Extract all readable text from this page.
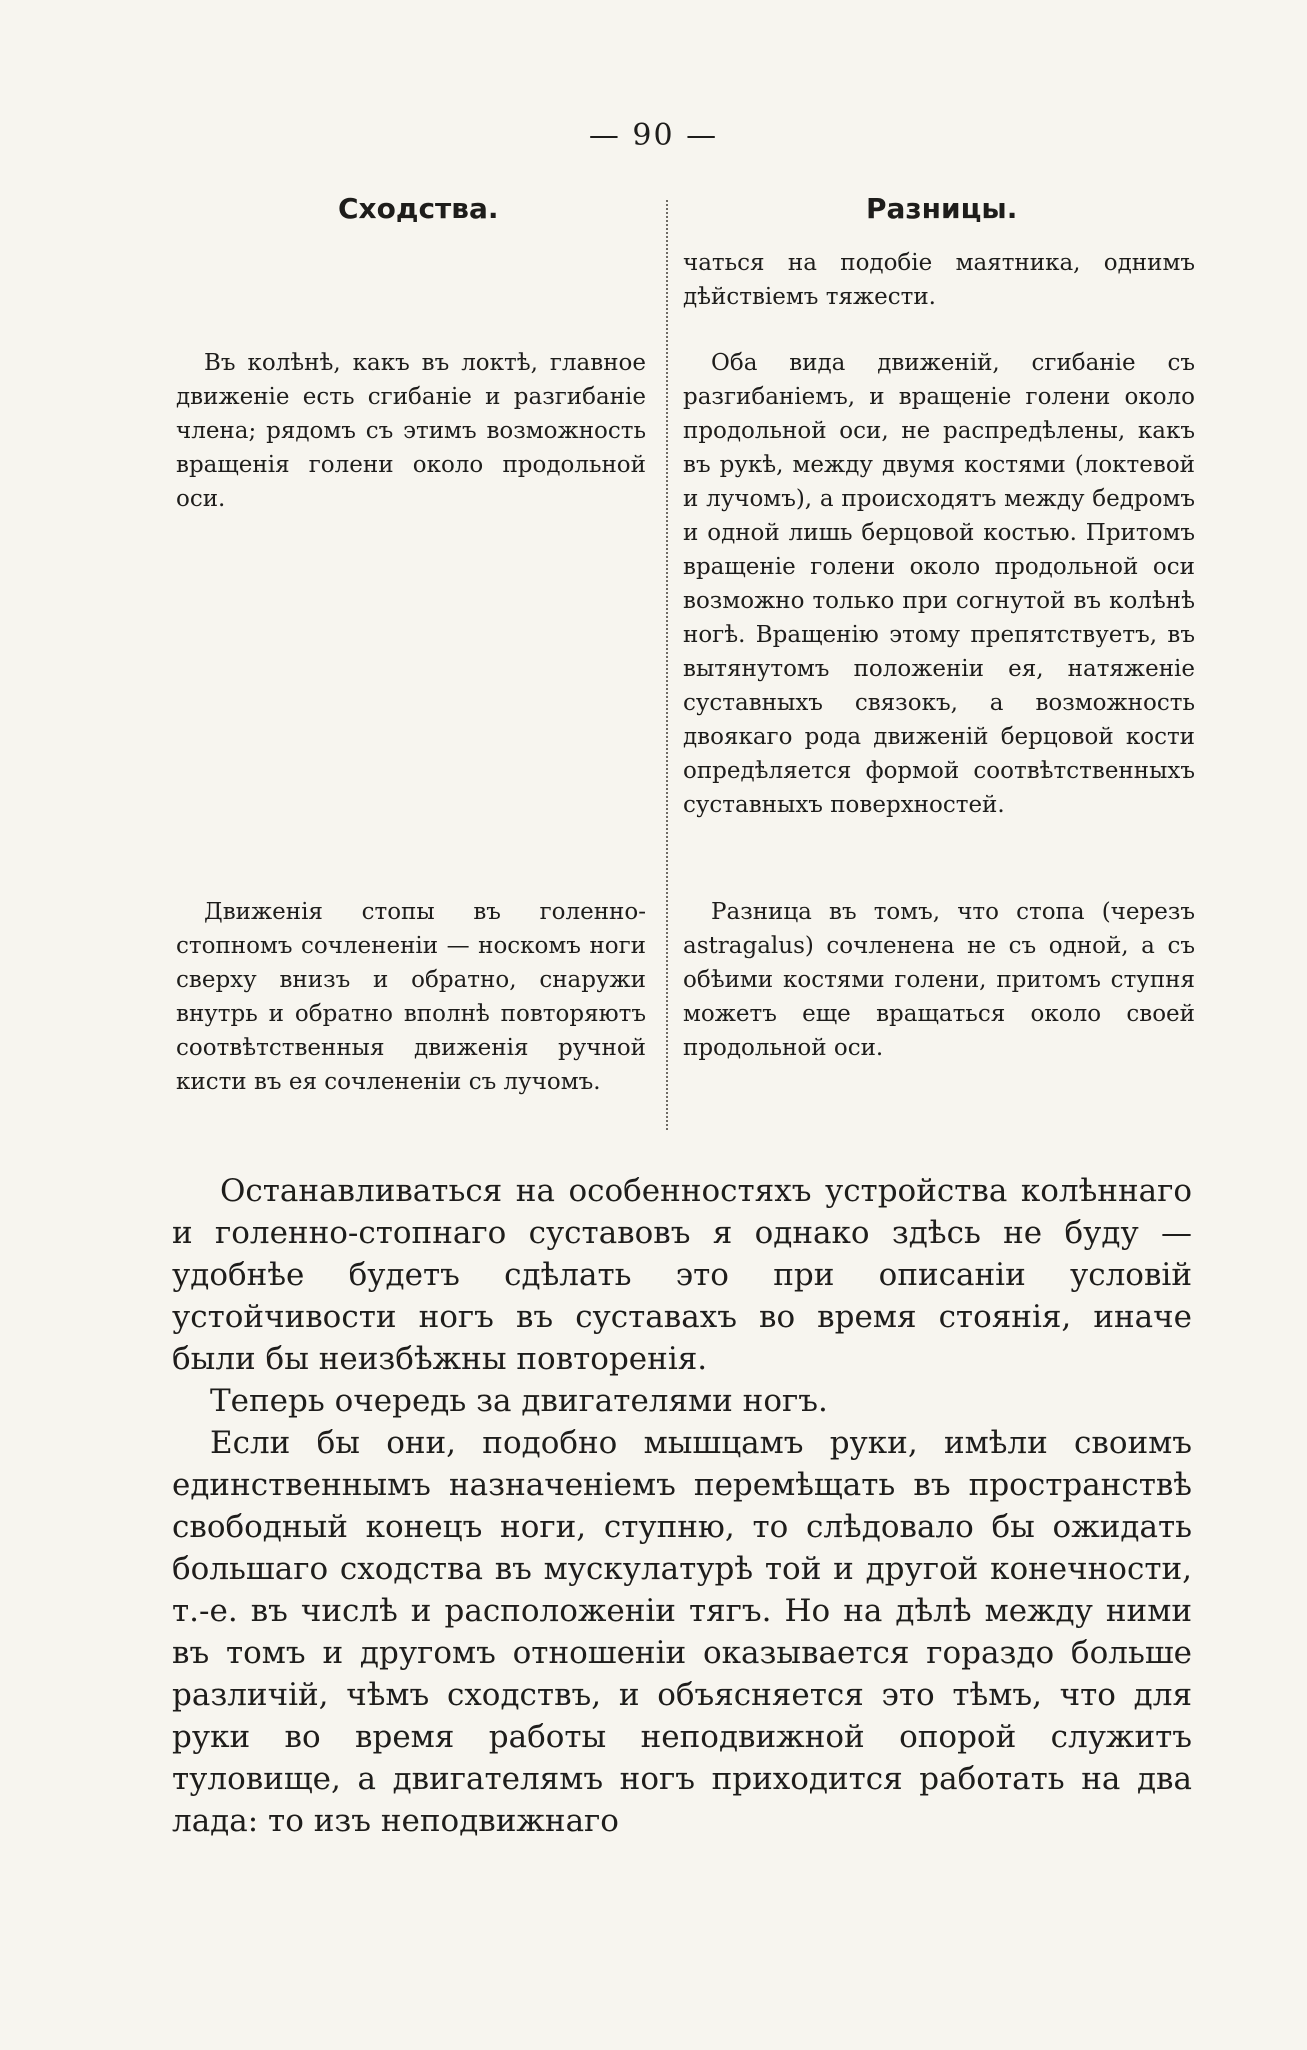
— 90 —
Сходства.	Разницы.

чаться на подобіе маятника, однимъ дѣйствіемъ тяжести.

Въ колѣнѣ, какъ въ локтѣ, главное движеніе есть сгибаніе и разгибаніе члена; рядомъ съ этимъ возможность вращенія голени около продольной оси.

Оба вида движеній, сгибаніе съ разгибаніемъ, и вращеніе голени около продольной оси, не распредѣлены, какъ въ рукѣ, между двумя костями (локтевой и лучомъ), а происходятъ между бедромъ и одной лишь берцовой костью. Притомъ вращеніе голени около продольной оси возможно только при согнутой въ колѣнѣ ногѣ. Вращенію этому препятствуетъ, въ вытянутомъ положеніи ея, натяженіе суставныхъ связокъ, а возможность двоякаго рода движеній берцовой кости опредѣляется формой соотвѣтственныхъ суставныхъ поверхностей.

Движенія стопы въ голенно-стопномъ сочлененіи — носкомъ ноги сверху внизъ и обратно, снаружи внутрь и обратно вполнѣ повторяютъ соотвѣтственныя движенія ручной кисти въ ея сочлененіи съ лучомъ.

Разница въ томъ, что стопа (черезъ astragalus) сочленена не съ одной, а съ обѣими костями голени, притомъ ступня можетъ еще вращаться около своей продольной оси.

Останавливаться на особенностяхъ устройства колѣннаго и голенно-стопнаго суставовъ я однако здѣсь не буду — удобнѣе будетъ сдѣлать это при описаніи условій устойчивости ногъ въ суставахъ во время стоянія, иначе были бы неизбѣжны повторенія.

Теперь очередь за двигателями ногъ.

Если бы они, подобно мышцамъ руки, имѣли своимъ единственнымъ назначеніемъ перемѣщать въ пространствѣ свободный конецъ ноги, ступню, то слѣдовало бы ожидать большаго сходства въ мускулатурѣ той и другой конечности, т.-е. въ числѣ и расположеніи тягъ. Но на дѣлѣ между ними въ томъ и другомъ отношеніи оказывается гораздо больше различій, чѣмъ сходствъ, и объясняется это тѣмъ, что для руки во время работы неподвижной опорой служитъ туловище, а двигателямъ ногъ приходится работать на два лада: то изъ неподвижнаго
